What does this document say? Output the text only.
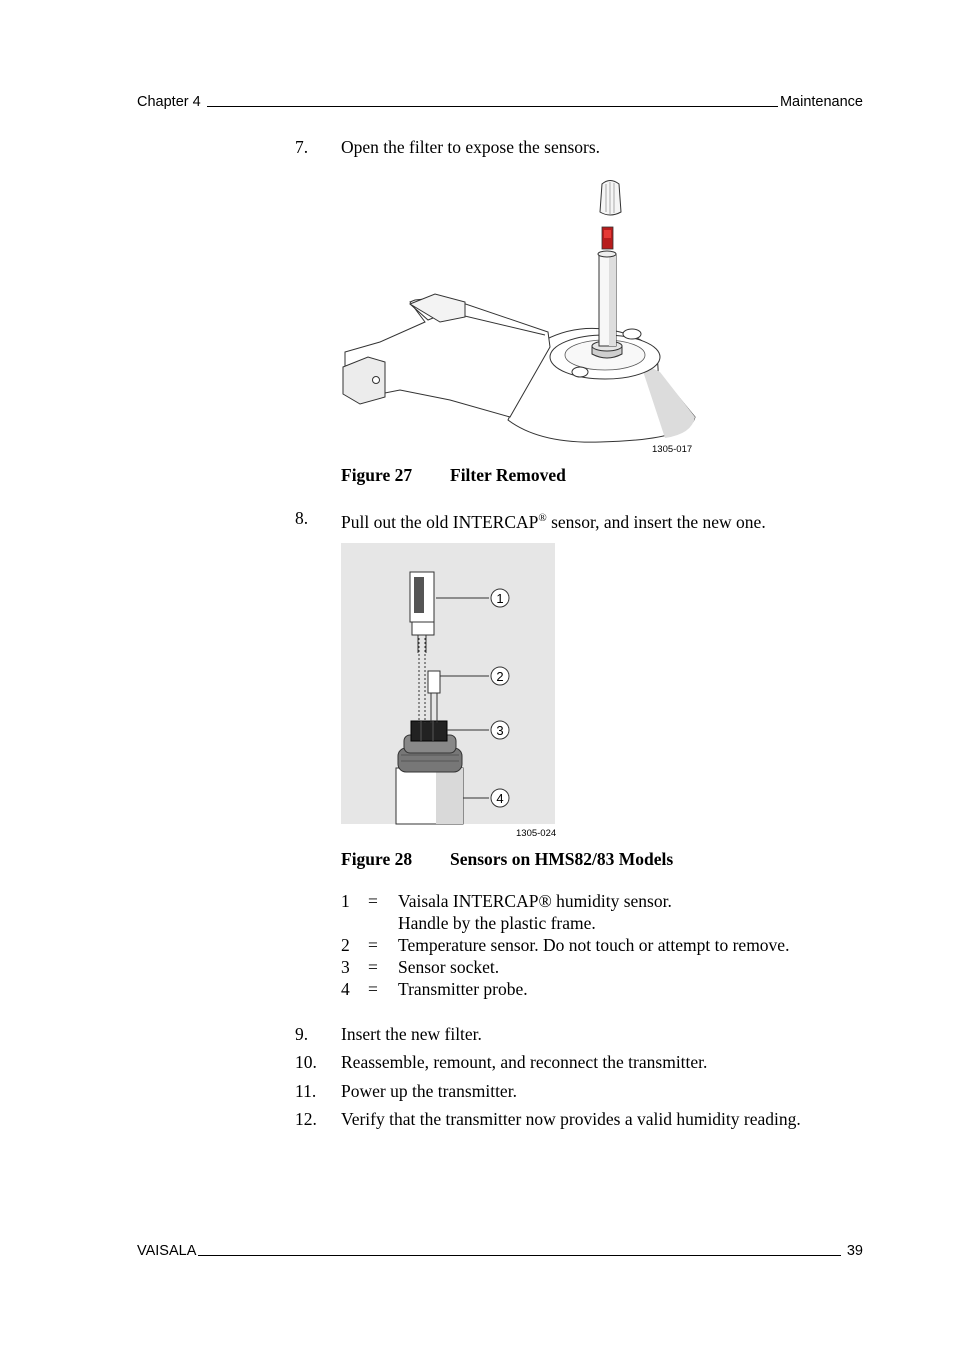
Chapter 4	Maintenance
7. Open the filter to expose the sensors.
1305-017
Figure 27 Filter Removed
8. Pull out the old INTERCAP® sensor, and insert the new one.
1
2
3
4
1305-024
Figure 28 Sensors on HMS82/83 Models
1 = Vaisala INTERCAP® humidity sensor.
Handle by the plastic frame.
2 = Temperature sensor. Do not touch or attempt to remove.
3 = Sensor socket.
4 = Transmitter probe.
9. Insert the new filter.
10. Reassemble, remount, and reconnect the transmitter.
11. Power up the transmitter.
12. Verify that the transmitter now provides a valid humidity reading.
VAISALA	39
